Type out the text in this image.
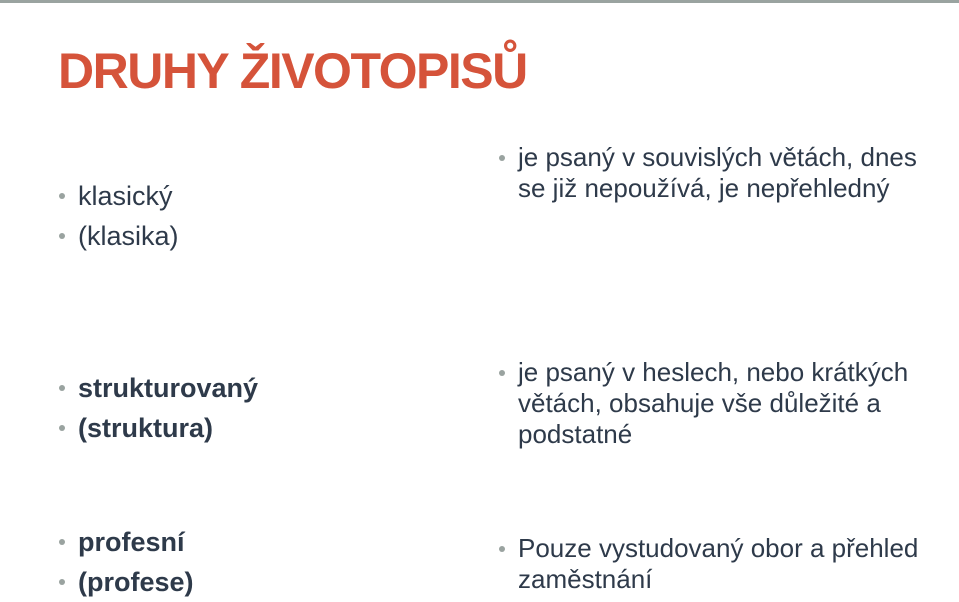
DRUHY ŽIVOTOPISŮ
klasický
(klasika)
je psaný v souvislých větách, dnes se již nepoužívá, je nepřehledný
strukturovaný
(struktura)
je psaný v heslech, nebo krátkých větách, obsahuje vše důležité a podstatné
profesní
(profese)
Pouze vystudovaný obor a přehled zaměstnání
